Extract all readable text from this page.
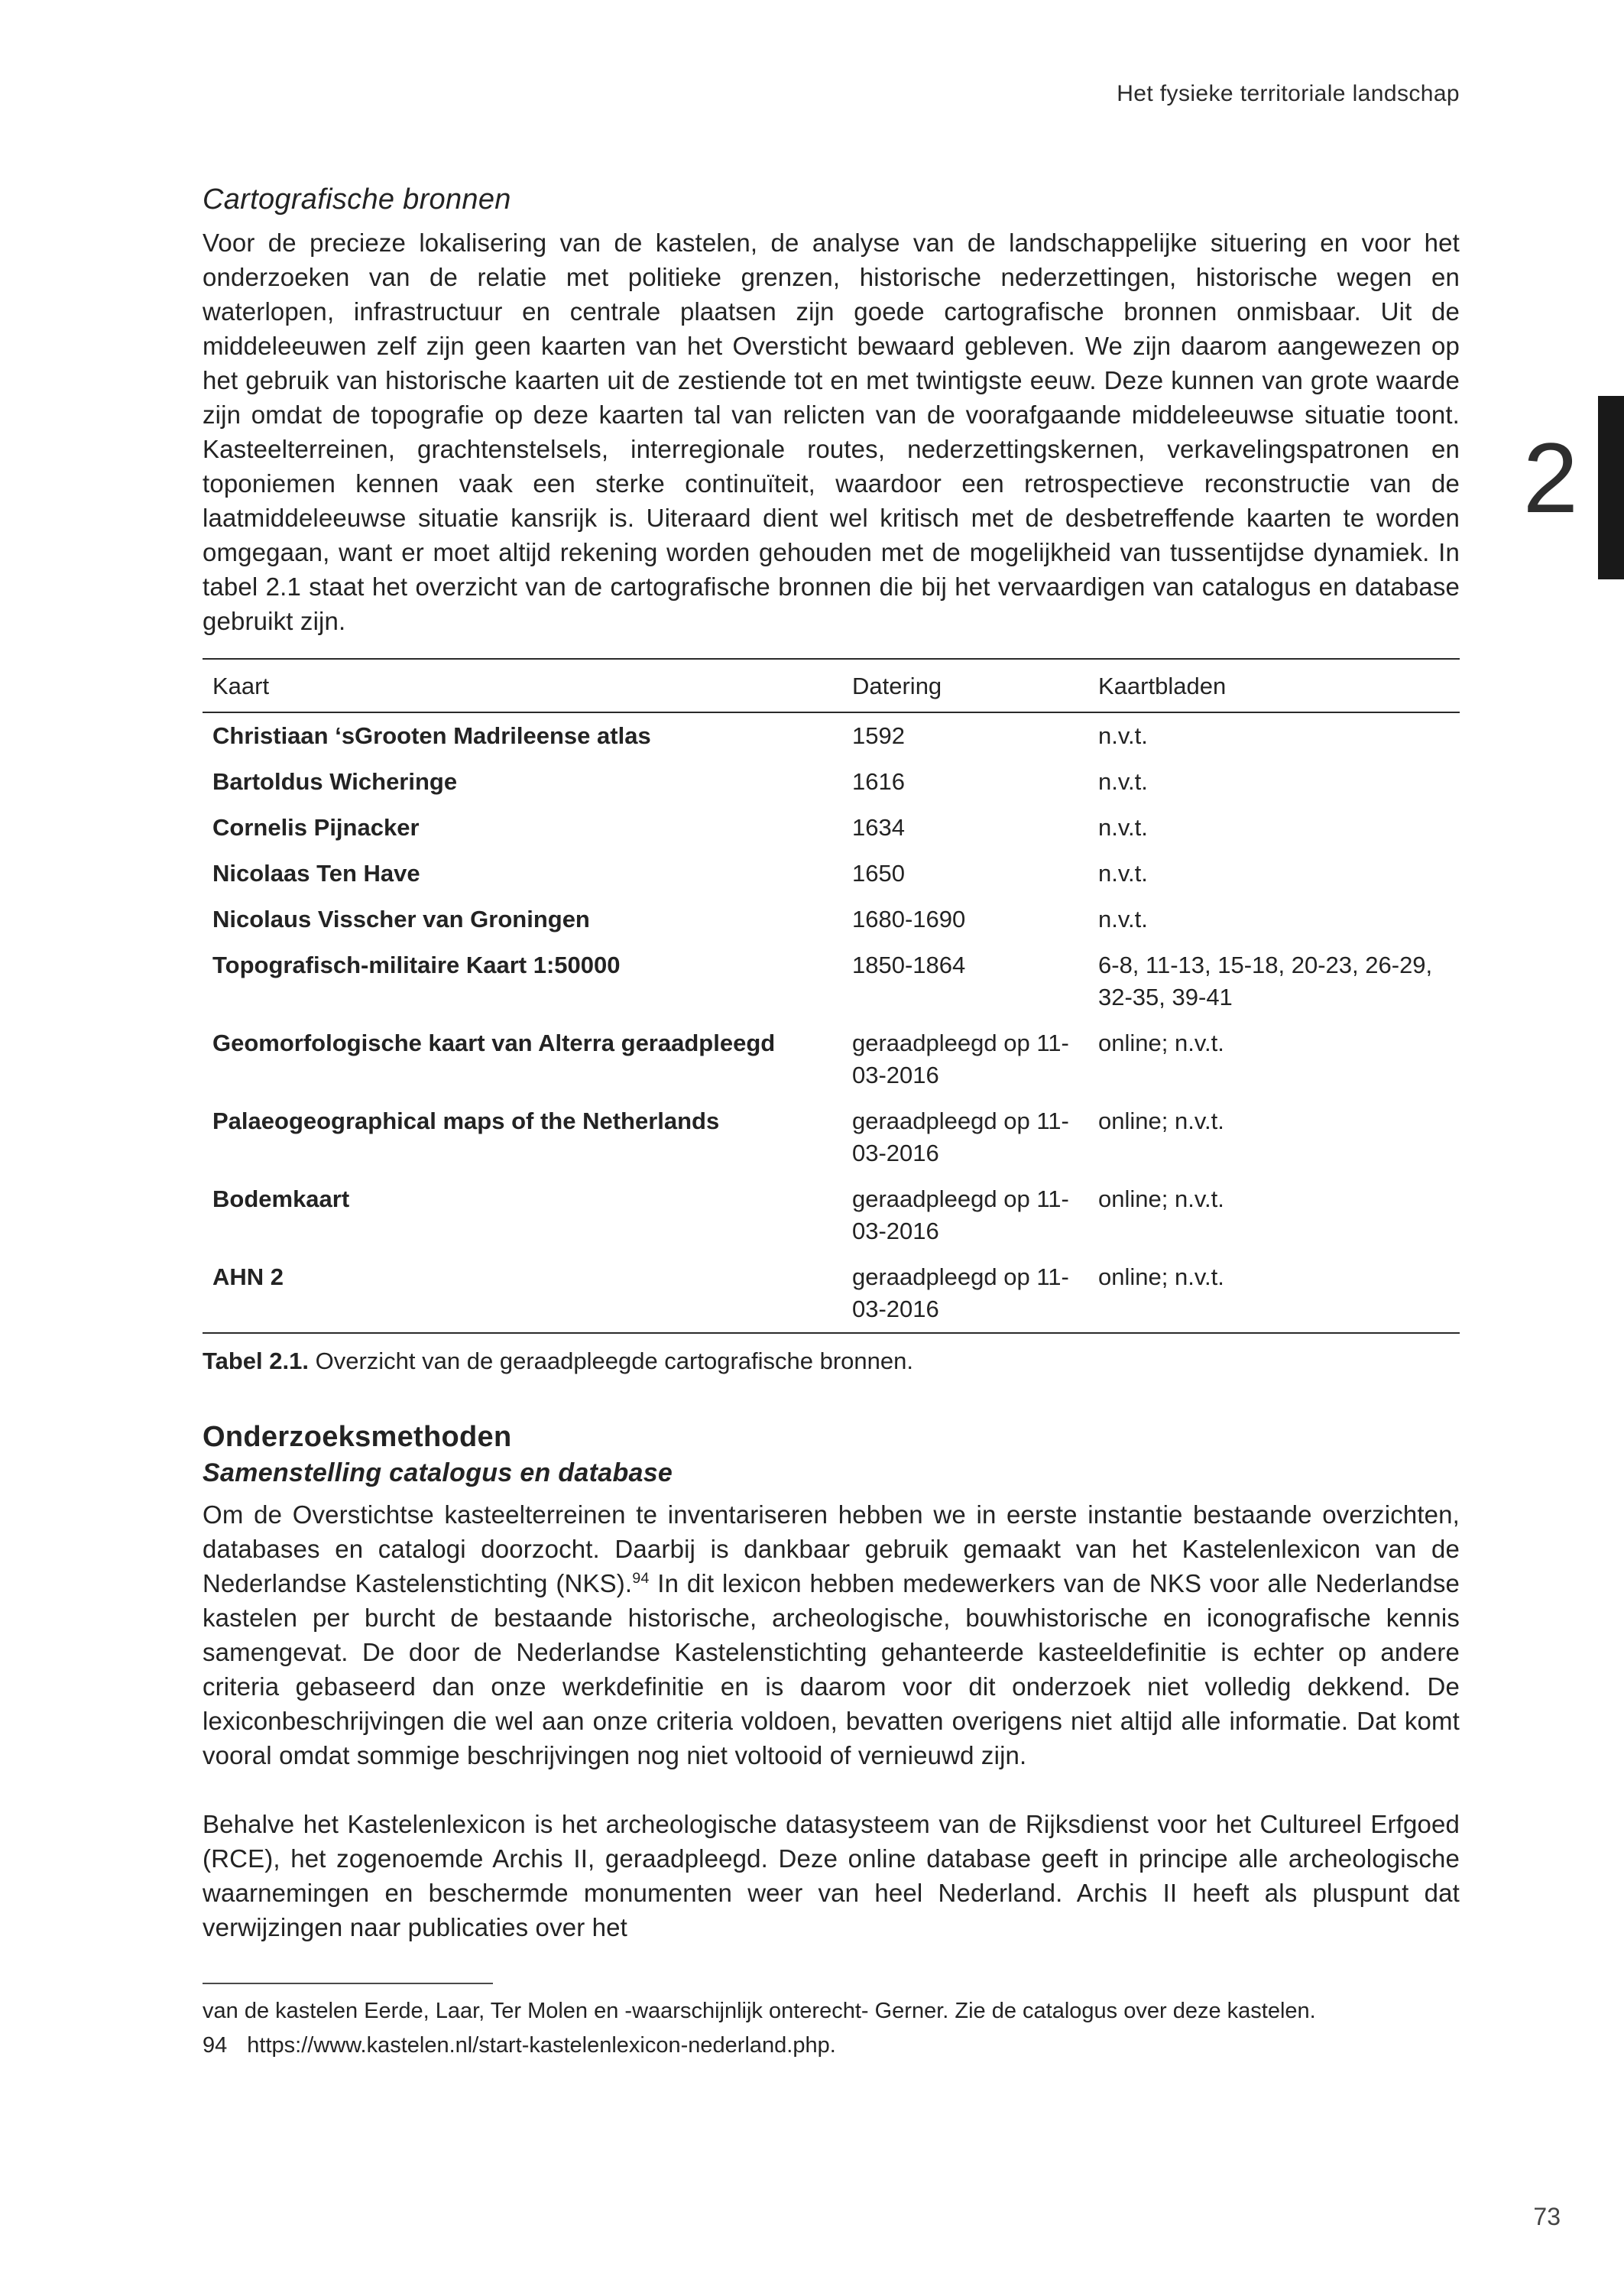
Het fysieke territoriale landschap
2
Cartografische bronnen

Voor de precieze lokalisering van de kastelen, de analyse van de landschappelijke situering en voor het onderzoeken van de relatie met politieke grenzen, historische nederzettingen, historische wegen en waterlopen, infrastructuur en centrale plaatsen zijn goede cartografische bronnen onmisbaar. Uit de middeleeuwen zelf zijn geen kaarten van het Oversticht bewaard gebleven. We zijn daarom aangewezen op het gebruik van historische kaarten uit de zestiende tot en met twintigste eeuw. Deze kunnen van grote waarde zijn omdat de topografie op deze kaarten tal van relicten van de voorafgaande middeleeuwse situatie toont. Kasteelterreinen, grachtenstelsels, interregionale routes, nederzettingskernen, verkavelingspatronen en toponiemen kennen vaak een sterke continuïteit, waardoor een retrospectieve reconstructie van de laatmiddeleeuwse situatie kansrijk is. Uiteraard dient wel kritisch met de desbetreffende kaarten te worden omgegaan, want er moet altijd rekening worden gehouden met de mogelijkheid van tussentijdse dynamiek. In tabel 2.1 staat het overzicht van de cartografische bronnen die bij het vervaardigen van catalogus en database gebruikt zijn.

Kaart	Datering	Kaartbladen
Christiaan ‘sGrooten Madrileense atlas	1592	n.v.t.
Bartoldus Wicheringe	1616	n.v.t.
Cornelis Pijnacker	1634	n.v.t.
Nicolaas Ten Have	1650	n.v.t.
Nicolaus Visscher van Groningen	1680-1690	n.v.t.
Topografisch-militaire Kaart 1:50000	1850-1864	6-8, 11-13, 15-18, 20-23, 26-29, 32-35, 39-41
Geomorfologische kaart van Alterra geraadpleegd	geraadpleegd op 11-03-2016	online; n.v.t.
Palaeogeographical maps of the Netherlands	geraadpleegd op 11-03-2016	online; n.v.t.
Bodemkaart	geraadpleegd op 11-03-2016	online; n.v.t.
AHN 2	geraadpleegd op 11-03-2016	online; n.v.t.
Tabel 2.1. Overzicht van de geraadpleegde cartografische bronnen.
Onderzoeksmethoden
Samenstelling catalogus en database

Om de Overstichtse kasteelterreinen te inventariseren hebben we in eerste instantie bestaande overzichten, databases en catalogi doorzocht. Daarbij is dankbaar gebruik gemaakt van het Kastelenlexicon van de Nederlandse Kastelenstichting (NKS).$^{94}$ In dit lexicon hebben medewerkers van de NKS voor alle Nederlandse kastelen per burcht de bestaande historische, archeologische, bouwhistorische en iconografische kennis samengevat. De door de Nederlandse Kastelenstichting gehanteerde kasteeldefinitie is echter op andere criteria gebaseerd dan onze werkdefinitie en is daarom voor dit onderzoek niet volledig dekkend. De lexiconbeschrijvingen die wel aan onze criteria voldoen, bevatten overigens niet altijd alle informatie. Dat komt vooral omdat sommige beschrijvingen nog niet voltooid of vernieuwd zijn.

Behalve het Kastelenlexicon is het archeologische datasysteem van de Rijksdienst voor het Cultureel Erfgoed (RCE), het zogenoemde Archis II, geraadpleegd. Deze online database geeft in principe alle archeologische waarnemingen en beschermde monumenten weer van heel Nederland. Archis II heeft als pluspunt dat verwijzingen naar publicaties over het

van de kastelen Eerde, Laar, Ter Molen en -waarschijnlijk onterecht- Gerner. Zie de catalogus over deze kastelen.
94 https://www.kastelen.nl/start-kastelenlexicon-nederland.php.
73
